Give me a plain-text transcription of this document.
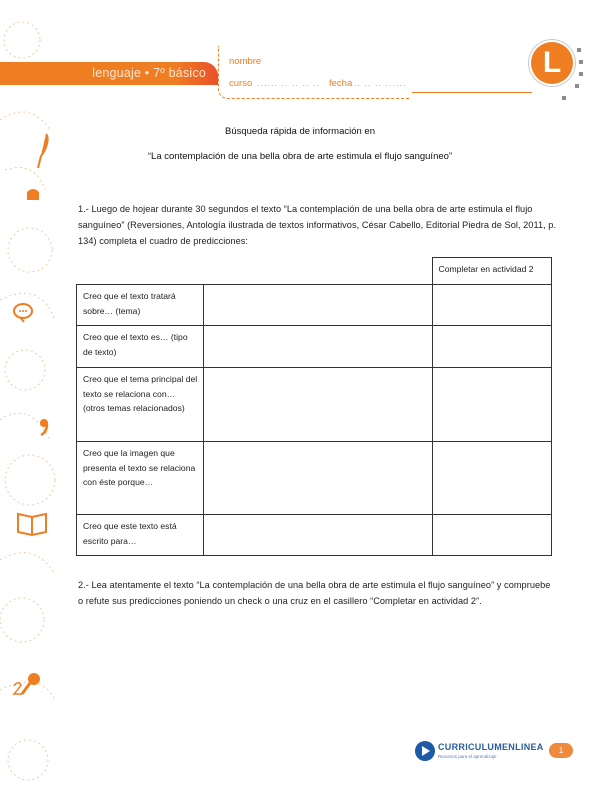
lenguaje • 7º básico
nombre
curso ...... .. .. .. .. fecha .. .. .. ......
L
Búsqueda rápida de información en
“La contemplación de una bella obra de arte estimula el flujo sanguíneo”
1.- Luego de hojear durante 30 segundos el texto “La contemplación de una bella obra de arte estimula el flujo sanguíneo” (Reversiones, Antología ilustrada de textos informativos, César Cabello, Editorial Piedra de Sol, 2011, p. 134) completa el cuadro de predicciones:
		Completar en actividad 2
Creo que el texto tratará sobre… (tema)		
Creo que el texto es… (tipo de texto)		
Creo que el tema principal del texto se relaciona con… (otros temas relacionados)		
Creo que la imagen que presenta el texto se relaciona con éste porque…		
Creo que este texto está escrito para…		
2.- Lea atentamente el texto “La contemplación de una bella obra de arte estimula el flujo sanguíneo” y compruebe o refute sus predicciones poniendo un check o una cruz en el casillero “Completar en actividad 2”.
CURRICULUMENLINEA
Recursos para el aprendizaje
1
